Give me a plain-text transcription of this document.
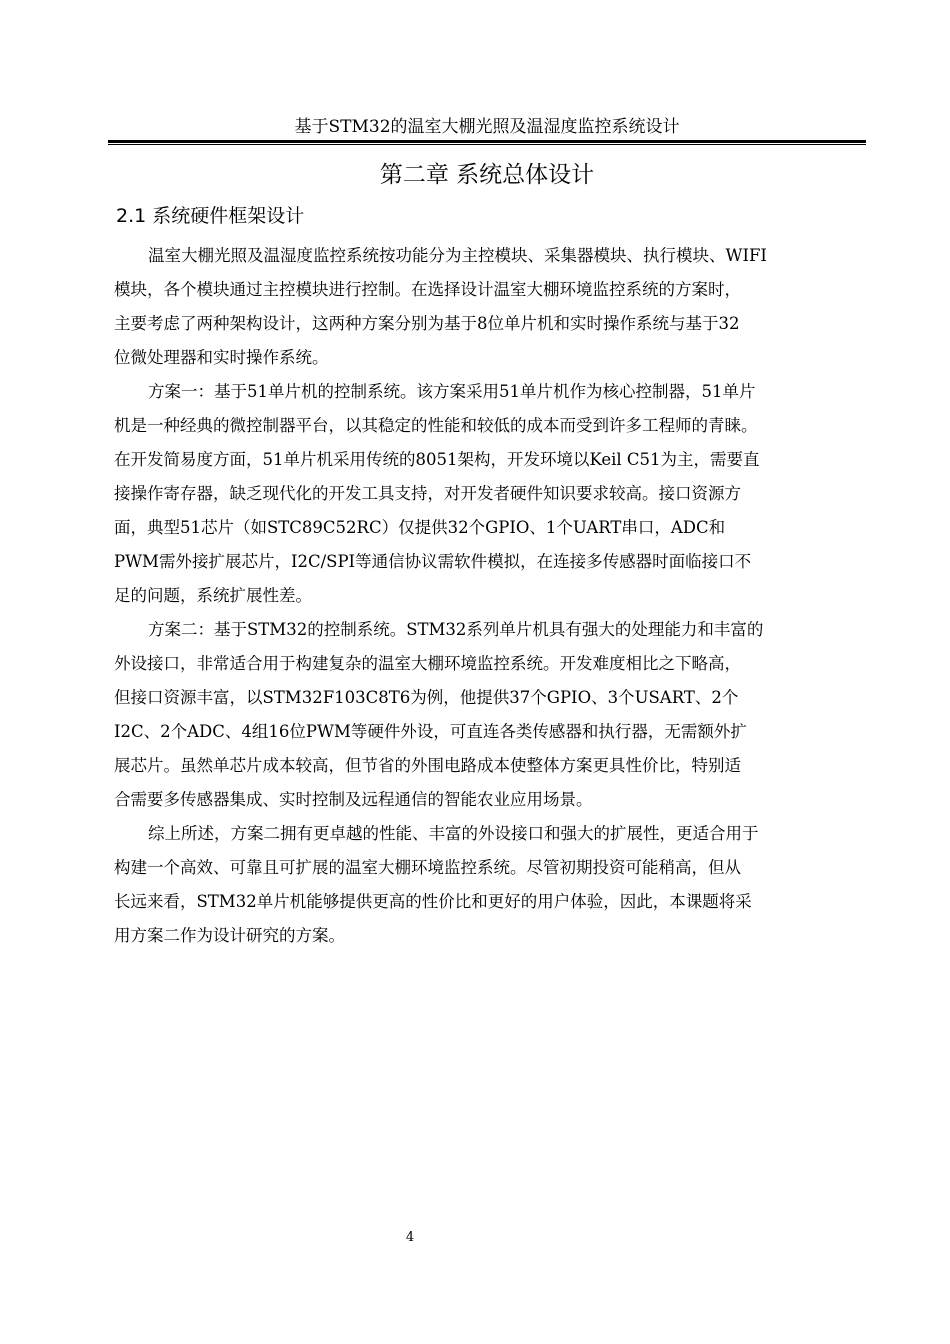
基于STM32的温室大棚光照及温湿度监控系统设计
第二章 系统总体设计
2.1 系统硬件框架设计
温室大棚光照及温湿度监控系统按功能分为主控模块、采集器模块、执行模块、WIFI
模块，各个模块通过主控模块进行控制。在选择设计温室大棚环境监控系统的方案时，
主要考虑了两种架构设计，这两种方案分别为基于8位单片机和实时操作系统与基于32
位微处理器和实时操作系统。
方案一：基于51单片机的控制系统。该方案采用51单片机作为核心控制器，51单片
机是一种经典的微控制器平台，以其稳定的性能和较低的成本而受到许多工程师的青睐。
在开发简易度方面，51单片机采用传统的8051架构，开发环境以Keil C51为主，需要直
接操作寄存器，缺乏现代化的开发工具支持，对开发者硬件知识要求较高。接口资源方
面，典型51芯片（如STC89C52RC）仅提供32个GPIO、1个UART串口，ADC和
PWM需外接扩展芯片，I2C/SPI等通信协议需软件模拟，在连接多传感器时面临接口不
足的问题，系统扩展性差。
方案二：基于STM32的控制系统。STM32系列单片机具有强大的处理能力和丰富的
外设接口，非常适合用于构建复杂的温室大棚环境监控系统。开发难度相比之下略高，
但接口资源丰富，以STM32F103C8T6为例，他提供37个GPIO、3个USART、2个
I2C、2个ADC、4组16位PWM等硬件外设，可直连各类传感器和执行器，无需额外扩
展芯片。虽然单芯片成本较高，但节省的外围电路成本使整体方案更具性价比，特别适
合需要多传感器集成、实时控制及远程通信的智能农业应用场景。
综上所述，方案二拥有更卓越的性能、丰富的外设接口和强大的扩展性，更适合用于
构建一个高效、可靠且可扩展的温室大棚环境监控系统。尽管初期投资可能稍高，但从
长远来看，STM32单片机能够提供更高的性价比和更好的用户体验，因此，本课题将采
用方案二作为设计研究的方案。
4
